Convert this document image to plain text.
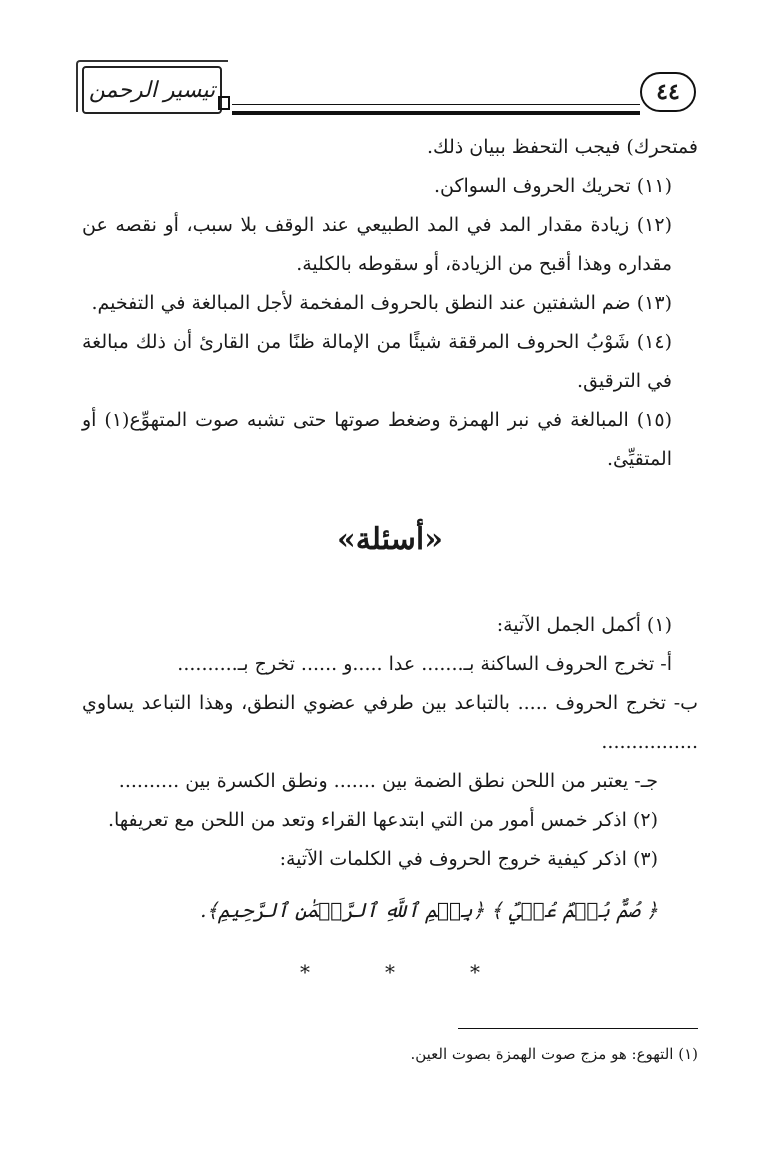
تيسير الرحمن	٤٤

فمتحرك) فيجب التحفظ ببيان ذلك.

(١١) تحريك الحروف السواكن.

(١٢) زيادة مقدار المد في المد الطبيعي عند الوقف بلا سبب، أو نقصه عن مقداره وهذا أقبح من الزيادة، أو سقوطه بالكلية.

(١٣) ضم الشفتين عند النطق بالحروف المفخمة لأجل المبالغة في التفخيم.

(١٤) شَوْبُ الحروف المرققة شيئًا من الإمالة ظنًا من القارئ أن ذلك مبالغة في الترقيق.

(١٥) المبالغة في نبر الهمزة وضغط صوتها حتى تشبه صوت المتهوِّع(١) أو المتقيِّئ.

«أسئلة»

(١) أكمل الجمل الآتية:

أ- تخرج الحروف الساكنة بـ....... عدا .....و ...... تخرج بـ..........

ب- تخرج الحروف ..... بالتباعد بين طرفي عضوي النطق، وهذا التباعد يساوي ................

جـ- يعتبر من اللحن نطق الضمة بين ....... ونطق الكسرة بين ..........

(٢) اذكر خمس أمور من التي ابتدعها القراء وتعد من اللحن مع تعريفها.

(٣) اذكر كيفية خروج الحروف في الكلمات الآتية:

﴿ صُمٌّ بُكۡمٌ عُمۡيٌ ﴾ ﴿بِسۡمِ ٱللَّهِ ٱلرَّحۡمَٰنِ ٱلرَّحِيمِ﴾.
*	*	*
(١) التهوع: هو مزج صوت الهمزة بصوت العين.
